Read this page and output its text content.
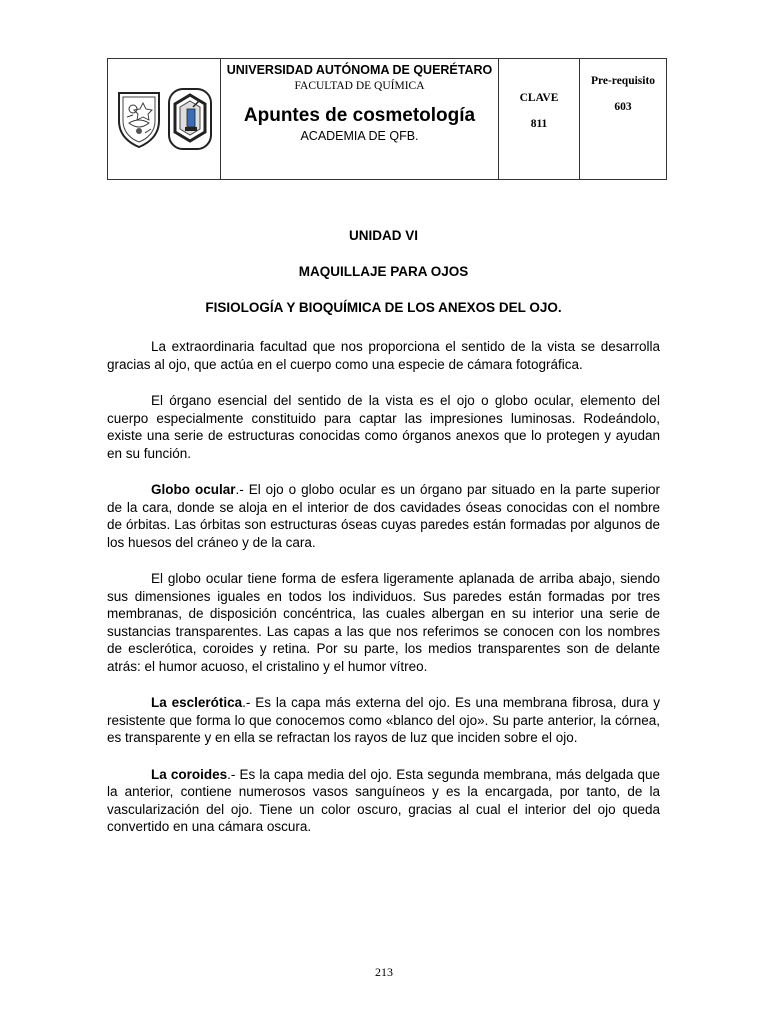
UNIVERSIDAD AUTÓNOMA DE QUERÉTARO
FACULTAD DE QUÍMICA
Apuntes de cosmetología
ACADEMIA DE QFB.

CLAVE
811

Pre-requisito
603
UNIDAD VI
MAQUILLAJE PARA OJOS
FISIOLOGÍA Y BIOQUÍMICA DE LOS ANEXOS DEL OJO.

La extraordinaria facultad que nos proporciona el sentido de la vista se desarrolla gracias al ojo, que actúa en el cuerpo como una especie de cámara fotográfica.

El órgano esencial del sentido de la vista es el ojo o globo ocular, elemento del cuerpo especialmente constituido para captar las impresiones luminosas. Rodeándolo, existe una serie de estructuras conocidas como órganos anexos que lo protegen y ayudan en su función.

Globo ocular.- El ojo o globo ocular es un órgano par situado en la parte superior de la cara, donde se aloja en el interior de dos cavidades óseas conocidas con el nombre de órbitas. Las órbitas son estructuras óseas cuyas paredes están formadas por algunos de los huesos del cráneo y de la cara.

El globo ocular tiene forma de esfera ligeramente aplanada de arriba abajo, siendo sus dimensiones iguales en todos los individuos. Sus paredes están formadas por tres membranas, de disposición concéntrica, las cuales albergan en su interior una serie de sustancias transparentes. Las capas a las que nos referimos se conocen con los nombres de esclerótica, coroides y retina. Por su parte, los medios transparentes son de delante atrás: el humor acuoso, el cristalino y el humor vítreo.

La esclerótica.- Es la capa más externa del ojo. Es una membrana fibrosa, dura y resistente que forma lo que conocemos como «blanco del ojo». Su parte anterior, la córnea, es transparente y en ella se refractan los rayos de luz que inciden sobre el ojo.

La coroides.- Es la capa media del ojo. Esta segunda membrana, más delgada que la anterior, contiene numerosos vasos sanguíneos y es la encargada, por tanto, de la vascularización del ojo. Tiene un color oscuro, gracias al cual el interior del ojo queda convertido en una cámara oscura.

213
